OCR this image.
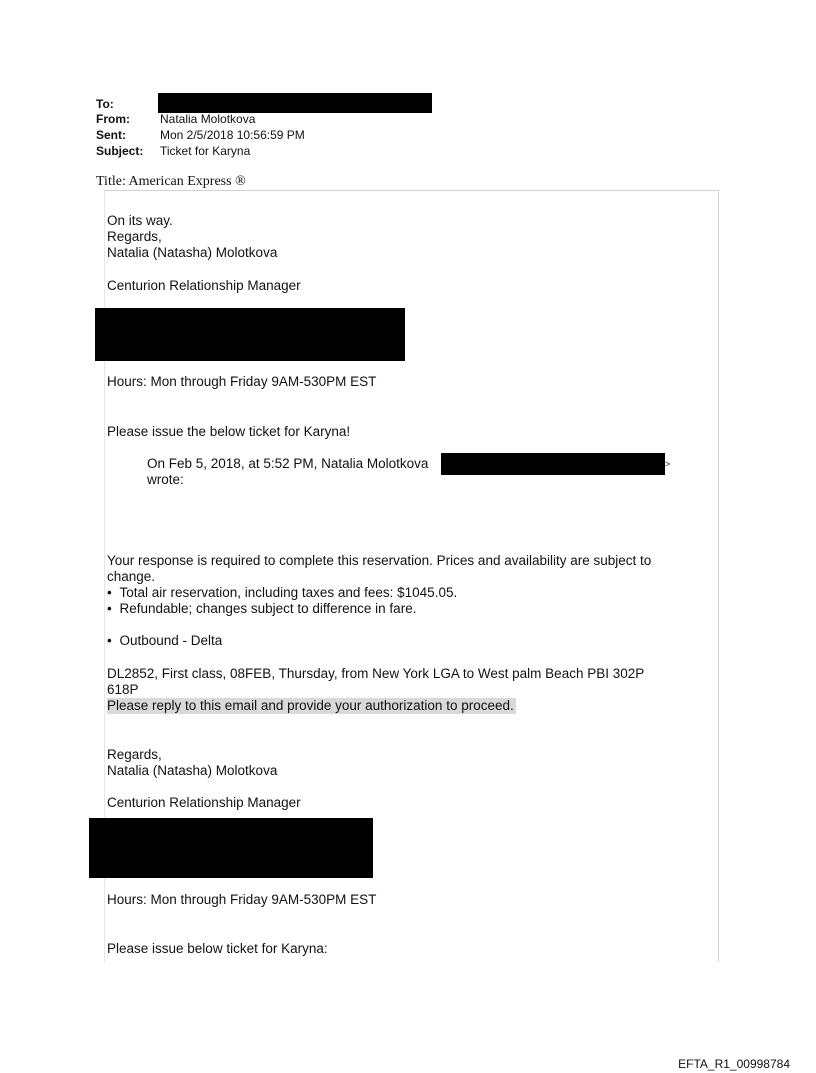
To:
From:	Natalia Molotkova
Sent:	Mon 2/5/2018 10:56:59 PM
Subject: Ticket for Karyna
Title: American Express ®
On its way.
Regards,
Natalia (Natasha) Molotkova
Centurion Relationship Manager
Hours: Mon through Friday 9AM-530PM EST
Please issue the below ticket for Karyna!
On Feb 5, 2018, at 5:52 PM, Natalia Molotkova	>
wrote:
Your response is required to complete this reservation. Prices and availability are subject to
change.
• Total air reservation, including taxes and fees: $1045.05.
• Refundable; changes subject to difference in fare.
• Outbound - Delta
DL2852, First class, 08FEB, Thursday, from New York LGA to West palm Beach PBI 302P
618P
Please reply to this email and provide your authorization to proceed.
Regards,
Natalia (Natasha) Molotkova
Centurion Relationship Manager
Hours: Mon through Friday 9AM-530PM EST
Please issue below ticket for Karyna:
EFTA_R1_00998784
